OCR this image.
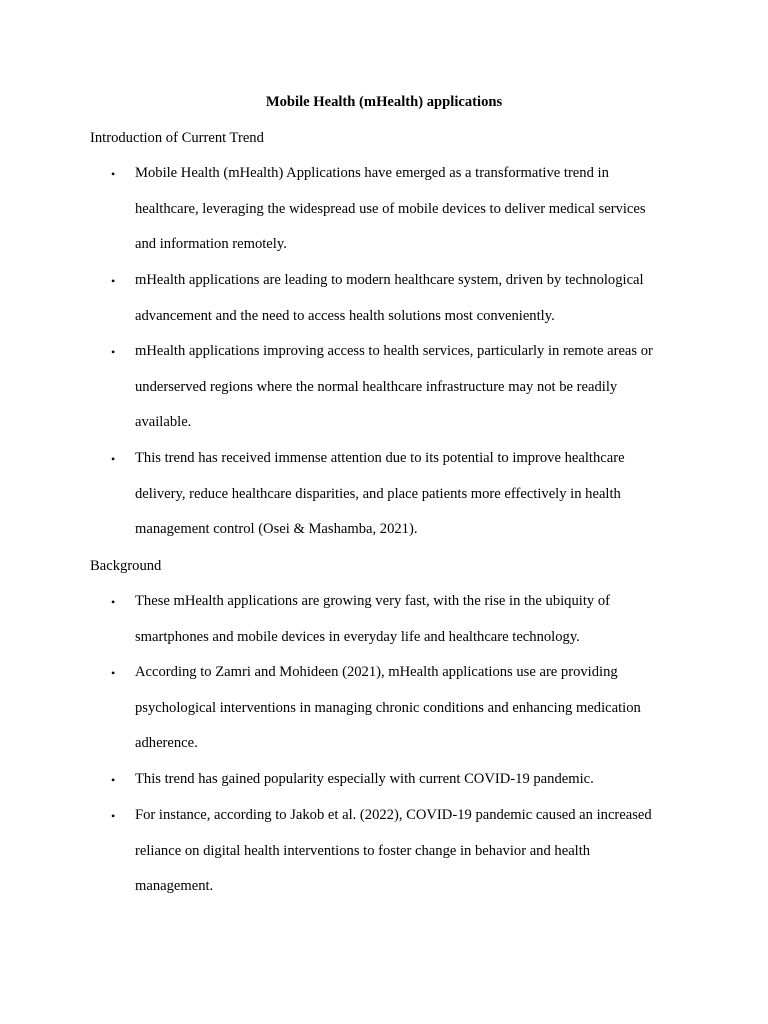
Mobile Health (mHealth) applications
Introduction of Current Trend
•	Mobile Health (mHealth) Applications have emerged as a transformative trend in
healthcare, leveraging the widespread use of mobile devices to deliver medical services
and information remotely.
•	mHealth applications are leading to modern healthcare system, driven by technological
advancement and the need to access health solutions most conveniently.
•	mHealth applications improving access to health services, particularly in remote areas or
underserved regions where the normal healthcare infrastructure may not be readily
available.
•	This trend has received immense attention due to its potential to improve healthcare
delivery, reduce healthcare disparities, and place patients more effectively in health
management control (Osei & Mashamba, 2021).
Background
•	These mHealth applications are growing very fast, with the rise in the ubiquity of
smartphones and mobile devices in everyday life and healthcare technology.
•	According to Zamri and Mohideen (2021), mHealth applications use are providing
psychological interventions in managing chronic conditions and enhancing medication
adherence.
•	This trend has gained popularity especially with current COVID-19 pandemic.
•	For instance, according to Jakob et al. (2022), COVID-19 pandemic caused an increased
reliance on digital health interventions to foster change in behavior and health
management.
